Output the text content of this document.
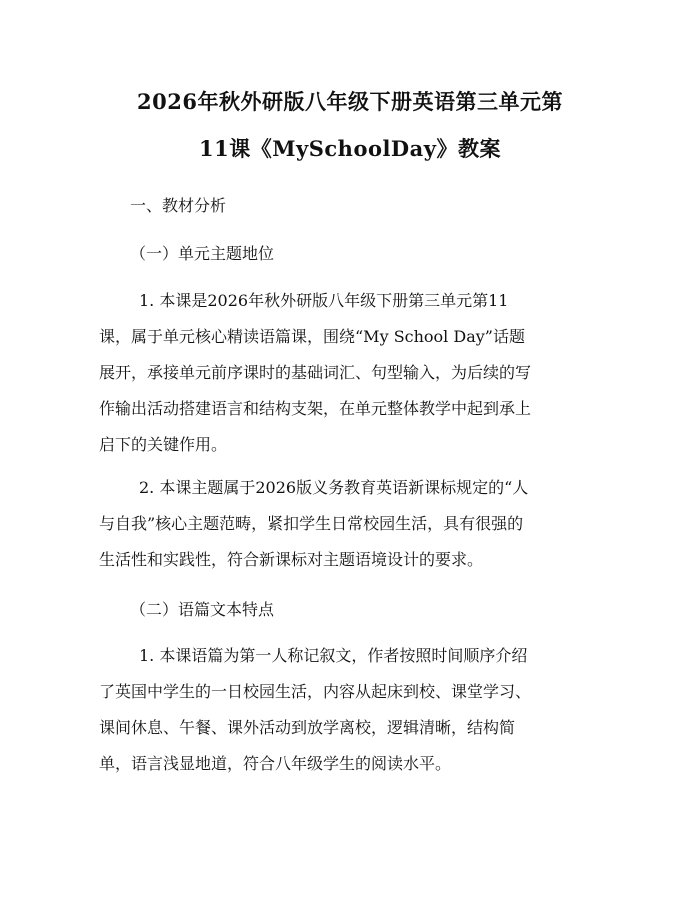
2026年秋外研版八年级下册英语第三单元第
11课《MySchoolDay》教案

一、教材分析

（一）单元主题地位

1. 本课是2026年秋外研版八年级下册第三单元第11
课，属于单元核心精读语篇课，围绕“My School Day”话题
展开，承接单元前序课时的基础词汇、句型输入，为后续的写
作输出活动搭建语言和结构支架，在单元整体教学中起到承上
启下的关键作用。
2. 本课主题属于2026版义务教育英语新课标规定的“人
与自我”核心主题范畴，紧扣学生日常校园生活，具有很强的
生活性和实践性，符合新课标对主题语境设计的要求。

（二）语篇文本特点

1. 本课语篇为第一人称记叙文，作者按照时间顺序介绍
了英国中学生的一日校园生活，内容从起床到校、课堂学习、
课间休息、午餐、课外活动到放学离校，逻辑清晰，结构简
单，语言浅显地道，符合八年级学生的阅读水平。
